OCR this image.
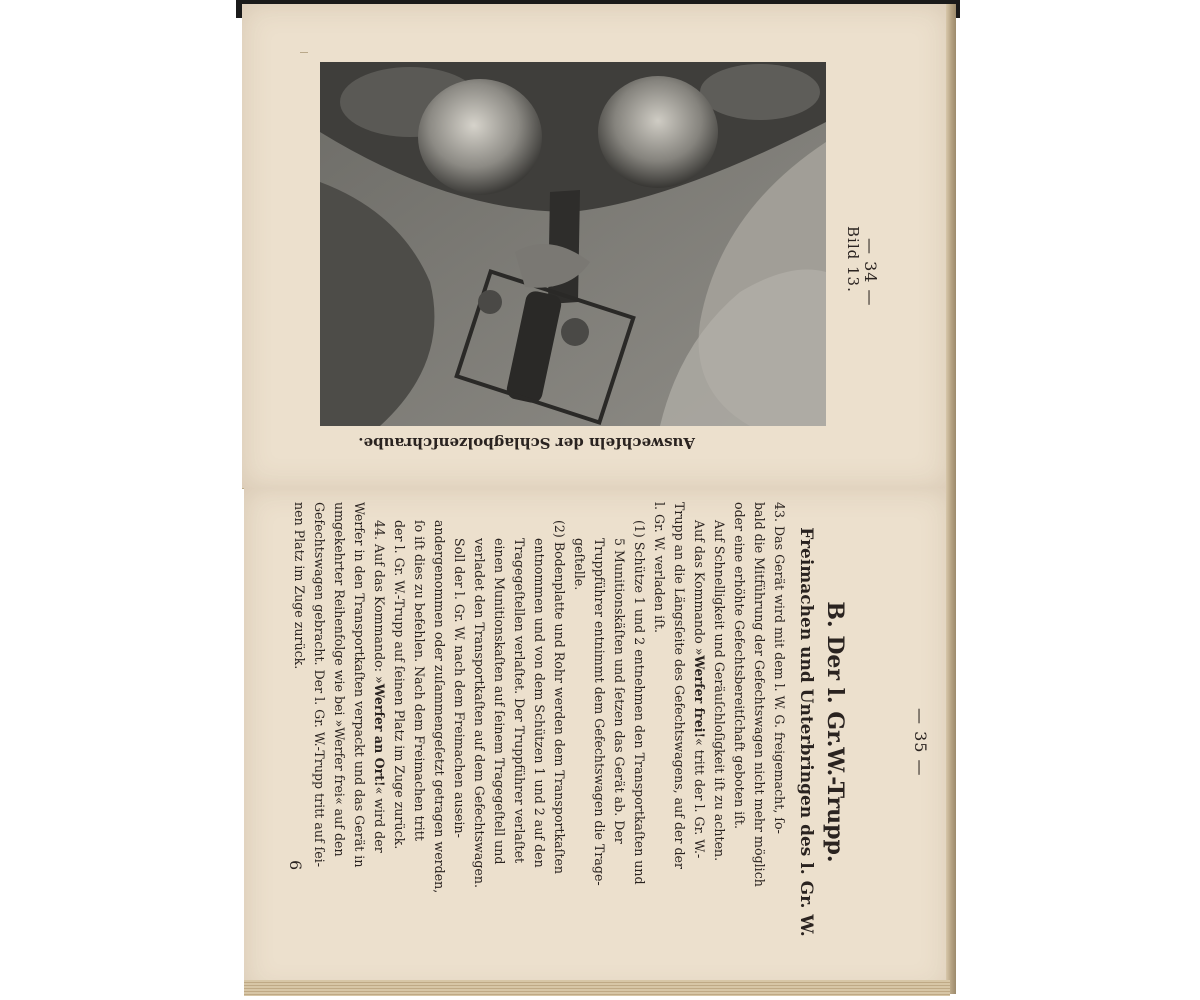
— 34 —
Bild 13.
Auswechſeln der Schlagbolzenſchraube.
— 35 —
6
B. Der l. Gr.W.-Trupp.
Freimachen und Unterbringen des l. Gr. W.

43. Das Gerät wird mit dem l. W. G. freigemacht, ſo-

bald die Mitführung der Gefechtswagen nicht mehr möglich

oder eine erhöhte Gefechtsbereitſchaft geboten iſt.

Auf Schnelligkeit und Geräuſchloſigkeit iſt zu achten.

Auf das Kommando »Werfer frei!« tritt der l. Gr. W.-

Trupp an die Längsſeite des Gefechtswagens, auf der der

l. Gr. W. verladen iſt.

(1) Schütze 1 und 2 entnehmen den Transportkaſten und

5 Munitionskäſten und ſetzen das Gerät ab. Der

Truppführer entnimmt dem Gefechtswagen die Trage-

geſtelle.

(2) Bodenplatte und Rohr werden dem Transportkaſten

entnommen und von dem Schützen 1 und 2 auf den

Tragegeſtellen verlaſtet. Der Truppführer verlaſtet

einen Munitionskaſten auf ſeinem Tragegeſtell und

verladet den Transportkaſten auf dem Gefechtswagen.

Soll der l. Gr. W. nach dem Freimachen ausein-

andergenommen oder zuſammengeſetzt getragen werden,

ſo iſt dies zu befehlen. Nach dem Freimachen tritt

der l. Gr. W.-Trupp auf ſeinen Platz im Zuge zurück.

44. Auf das Kommando: »Werfer an Ort!« wird der

Werfer in den Transportkaſten verpackt und das Gerät in

umgekehrter Reihenfolge wie bei »Werfer frei« auf den

Gefechtswagen gebracht. Der l. Gr. W.-Trupp tritt auf ſei-

nen Platz im Zuge zurück.
